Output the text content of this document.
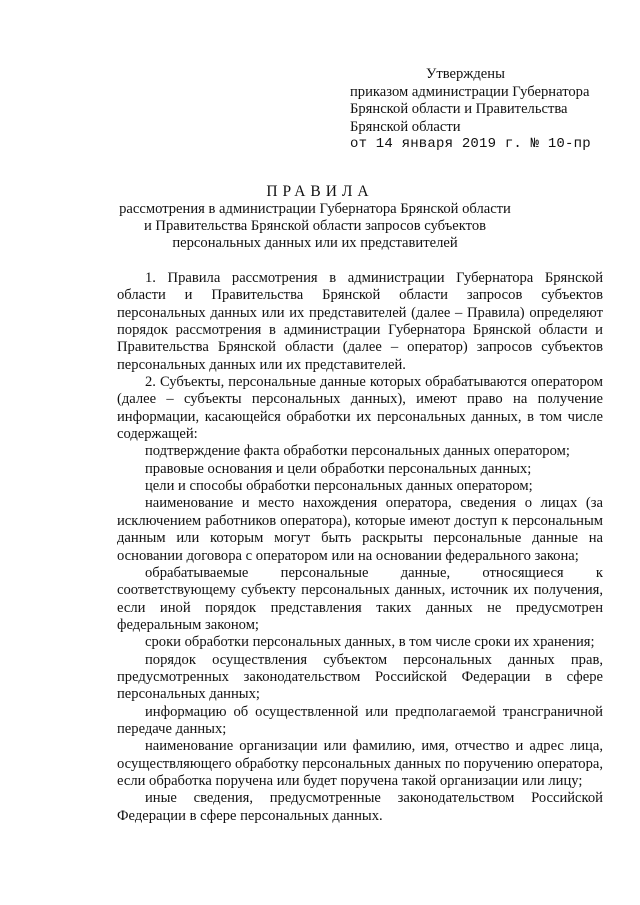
Утверждены
приказом администрации Губернатора
Брянской области и Правительства
Брянской области
от 14 января 2019 г. № 10-пр
ПРАВИЛА
рассмотрения в администрации Губернатора Брянской области
и Правительства Брянской области запросов субъектов
персональных данных или их представителей

1. Правила рассмотрения в администрации Губернатора Брянской области и Правительства Брянской области запросов субъектов персональных данных или их представителей (далее – Правила) определяют порядок рассмотрения в администрации Губернатора Брянской области и Правительства Брянской области (далее – оператор) запросов субъектов персональных данных или их представителей.

2. Субъекты, персональные данные которых обрабатываются оператором (далее – субъекты персональных данных), имеют право на получение информации, касающейся обработки их персональных данных, в том числе содержащей:

подтверждение факта обработки персональных данных оператором;

правовые основания и цели обработки персональных данных;

цели и способы обработки персональных данных оператором;

наименование и место нахождения оператора, сведения о лицах (за исключением работников оператора), которые имеют доступ к персональным данным или которым могут быть раскрыты персональные данные на основании договора с оператором или на основании федерального закона;

обрабатываемые персональные данные, относящиеся к соответствующему субъекту персональных данных, источник их получения, если иной порядок представления таких данных не предусмотрен федеральным законом;

сроки обработки персональных данных, в том числе сроки их хранения;

порядок осуществления субъектом персональных данных прав, предусмотренных законодательством Российской Федерации в сфере персональных данных;

информацию об осуществленной или предполагаемой трансграничной передаче данных;

наименование организации или фамилию, имя, отчество и адрес лица, осуществляющего обработку персональных данных по поручению оператора, если обработка поручена или будет поручена такой организации или лицу;

иные сведения, предусмотренные законодательством Российской Федерации в сфере персональных данных.
